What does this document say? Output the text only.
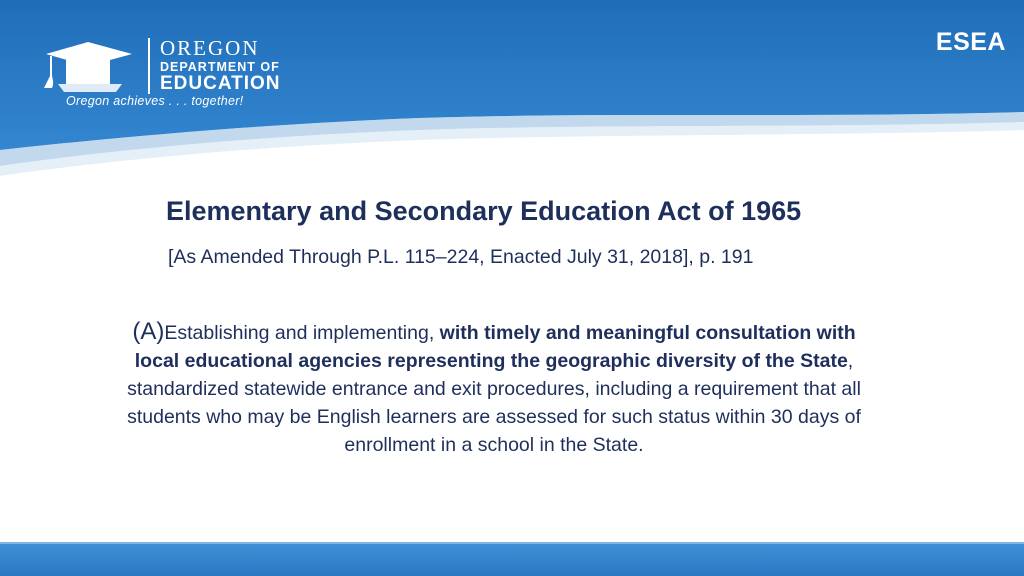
OREGON
DEPARTMENT OF
EDUCATION
Oregon achieves . . . together!
ESEA
Elementary and Secondary Education Act of 1965
[As Amended Through P.L. 115–224, Enacted July 31, 2018], p. 191
(A)Establishing and implementing, with timely and meaningful consultation with local educational agencies representing the geographic diversity of the State, standardized statewide entrance and exit procedures, including a requirement that all students who may be English learners are assessed for such status within 30 days of enrollment in a school in the State.
